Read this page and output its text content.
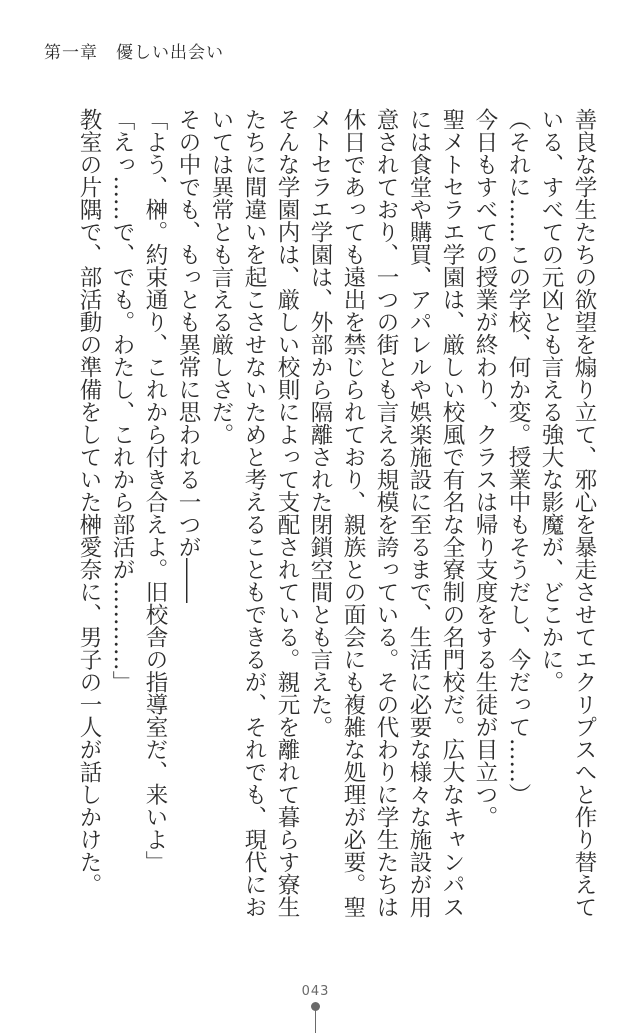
第一章　優しい出会い

善良な学生たちの欲望を煽り立て、邪心を暴走させてエクリプスへと作り替えている、すべての元凶とも言える強大な影魔が、どこかに。

（それに……この学校、何か変。授業中もそうだし、今だって……）

今日もすべての授業が終わり、クラスは帰り支度をする生徒が目立つ。

聖メトセラエ学園は、厳しい校風で有名な全寮制の名門校だ。広大なキャンパスには食堂や購買、アパレルや娯楽施設に至るまで、生活に必要な様々な施設が用意されており、一つの街とも言える規模を誇っている。その代わりに学生たちは休日であっても遠出を禁じられており、親族との面会にも複雑な処理が必要。聖メトセラエ学園は、外部から隔離された閉鎖空間とも言えた。

そんな学園内は、厳しい校則によって支配されている。親元を離れて暮らす寮生たちに間違いを起こさせないためと考えることもできるが、それでも、現代においては異常とも言える厳しさだ。

その中でも、もっとも異常に思われる一つが――

「よう、榊。約束通り、これから付き合えよ。旧校舎の指導室だ、来いよ」

「えっ……で、でも。わたし、これから部活が…………」

教室の片隅で、部活動の準備をしていた榊愛奈に、男子の一人が話しかけた。

043
